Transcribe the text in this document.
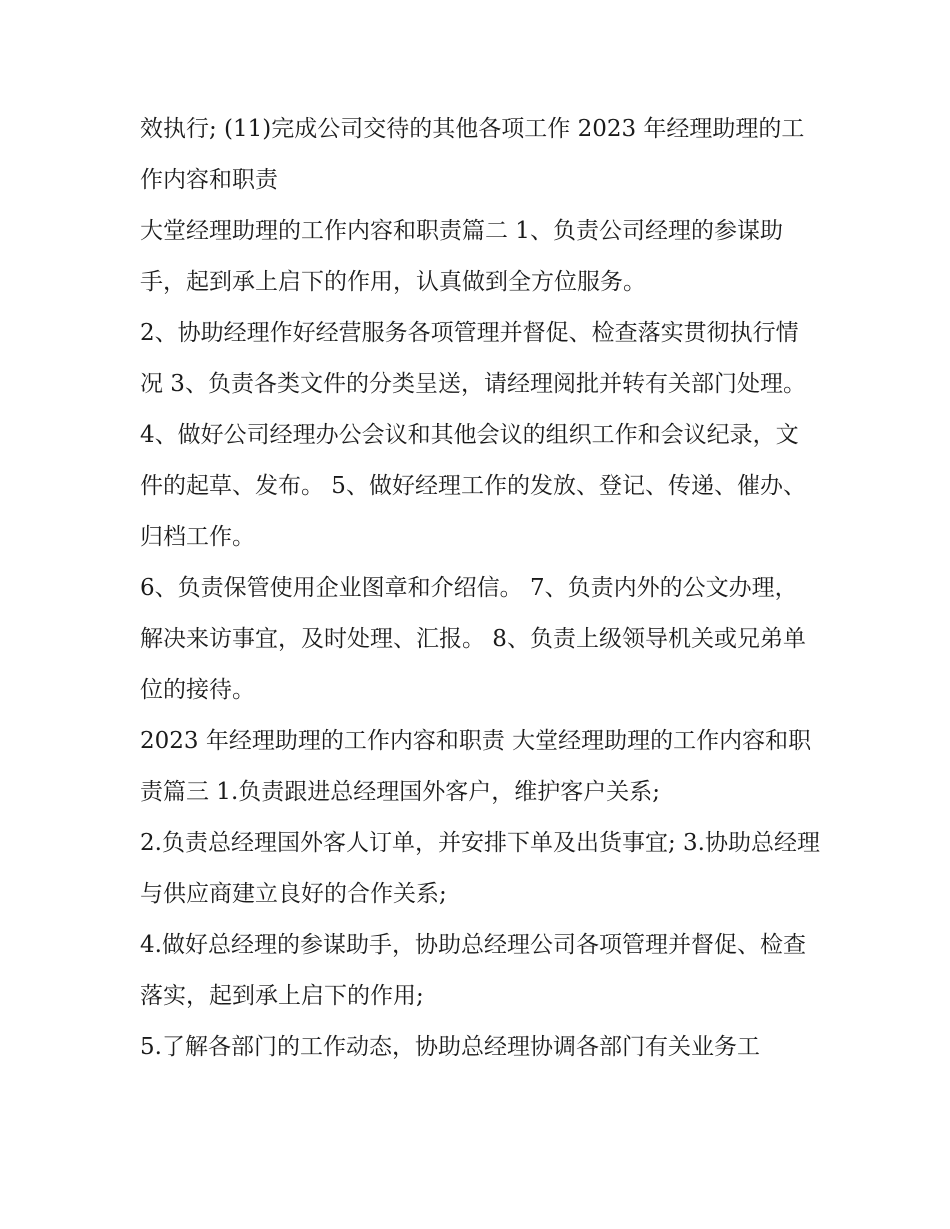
效执行; (11)完成公司交待的其他各项工作 2023 年经理助理的工作内容和职责

大堂经理助理的工作内容和职责篇二 1、负责公司经理的参谋助手，起到承上启下的作用，认真做到全方位服务。

2、协助经理作好经营服务各项管理并督促、检查落实贯彻执行情况 3、负责各类文件的分类呈送，请经理阅批并转有关部门处理。

4、做好公司经理办公会议和其他会议的组织工作和会议纪录，文件的起草、发布。 5、做好经理工作的发放、登记、传递、催办、归档工作。

6、负责保管使用企业图章和介绍信。 7、负责内外的公文办理，解决来访事宜，及时处理、汇报。 8、负责上级领导机关或兄弟单位的接待。

2023 年经理助理的工作内容和职责 大堂经理助理的工作内容和职责篇三 1.负责跟进总经理国外客户，维护客户关系;

2.负责总经理国外客人订单，并安排下单及出货事宜; 3.协助总经理与供应商建立良好的合作关系;

4.做好总经理的参谋助手，协助总经理公司各项管理并督促、检查落实，起到承上启下的作用;

5.了解各部门的工作动态，协助总经理协调各部门有关业务工
